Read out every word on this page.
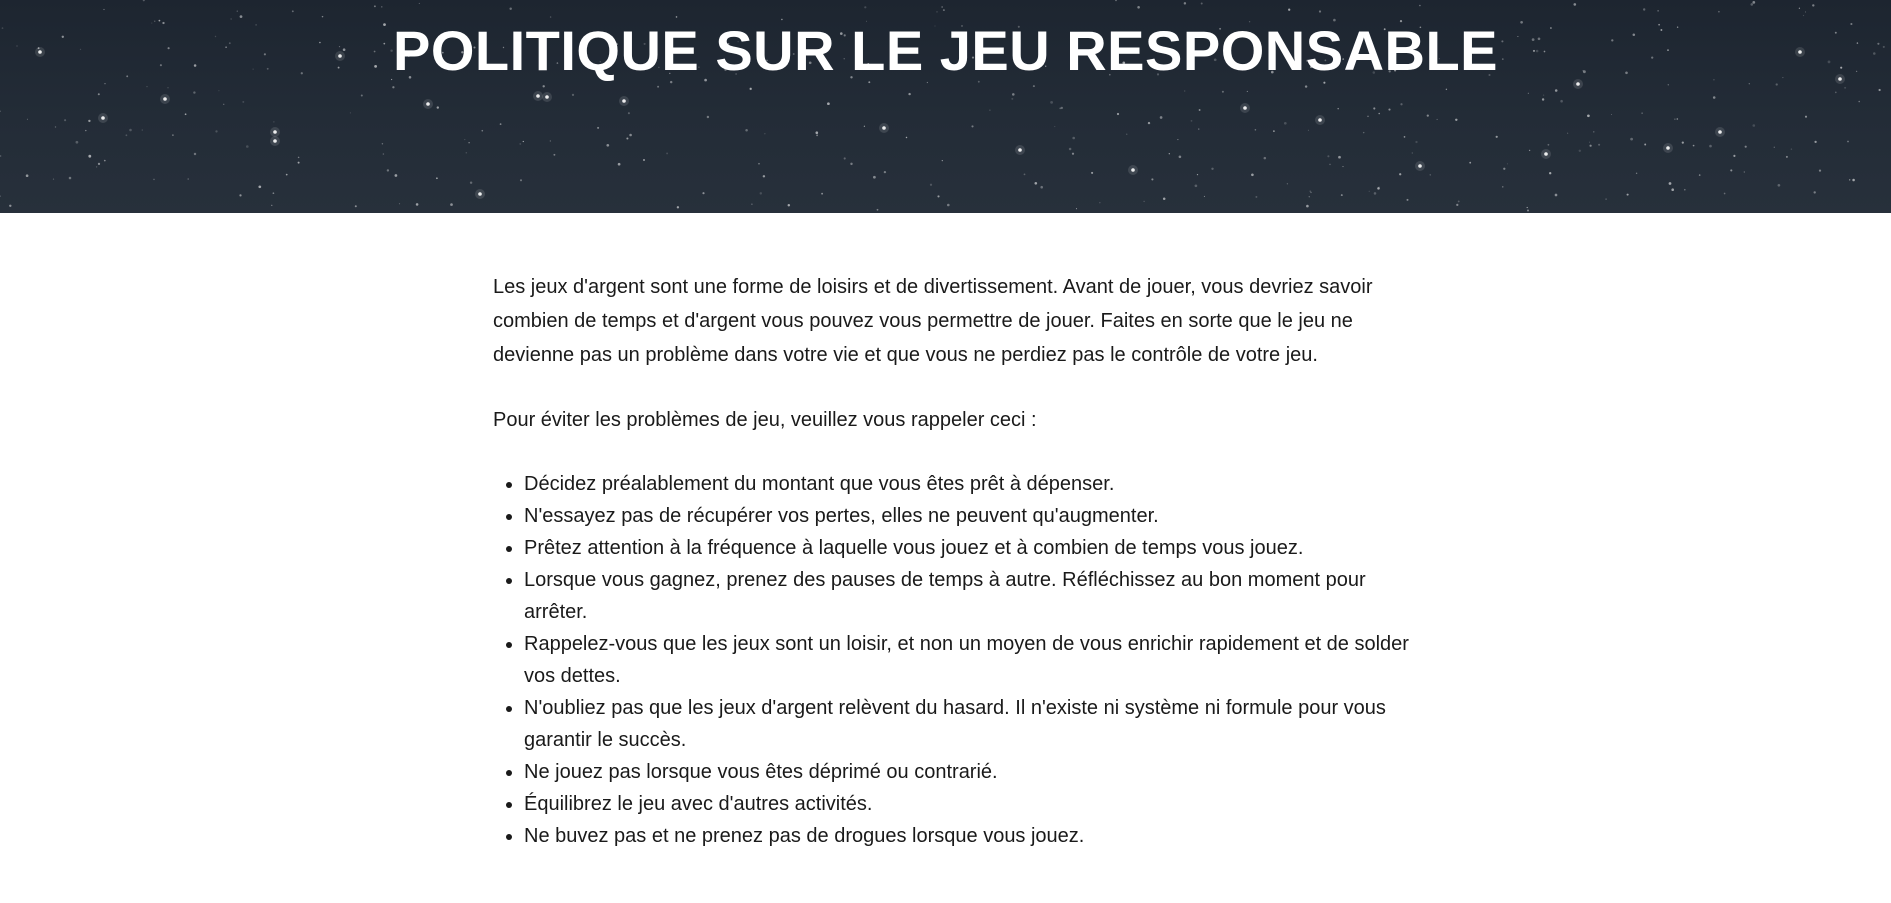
POLITIQUE SUR LE JEU RESPONSABLE

Les jeux d'argent sont une forme de loisirs et de divertissement. Avant de jouer, vous devriez savoir combien de temps et d'argent vous pouvez vous permettre de jouer. Faites en sorte que le jeu ne devienne pas un problème dans votre vie et que vous ne perdiez pas le contrôle de votre jeu.

Pour éviter les problèmes de jeu, veuillez vous rappeler ceci :

• Décidez préalablement du montant que vous êtes prêt à dépenser.
• N'essayez pas de récupérer vos pertes, elles ne peuvent qu'augmenter.
• Prêtez attention à la fréquence à laquelle vous jouez et à combien de temps vous jouez.
• Lorsque vous gagnez, prenez des pauses de temps à autre. Réfléchissez au bon moment pour arrêter.
• Rappelez-vous que les jeux sont un loisir, et non un moyen de vous enrichir rapidement et de solder vos dettes.
• N'oubliez pas que les jeux d'argent relèvent du hasard. Il n'existe ni système ni formule pour vous garantir le succès.
• Ne jouez pas lorsque vous êtes déprimé ou contrarié.
• Équilibrez le jeu avec d'autres activités.
• Ne buvez pas et ne prenez pas de drogues lorsque vous jouez.
